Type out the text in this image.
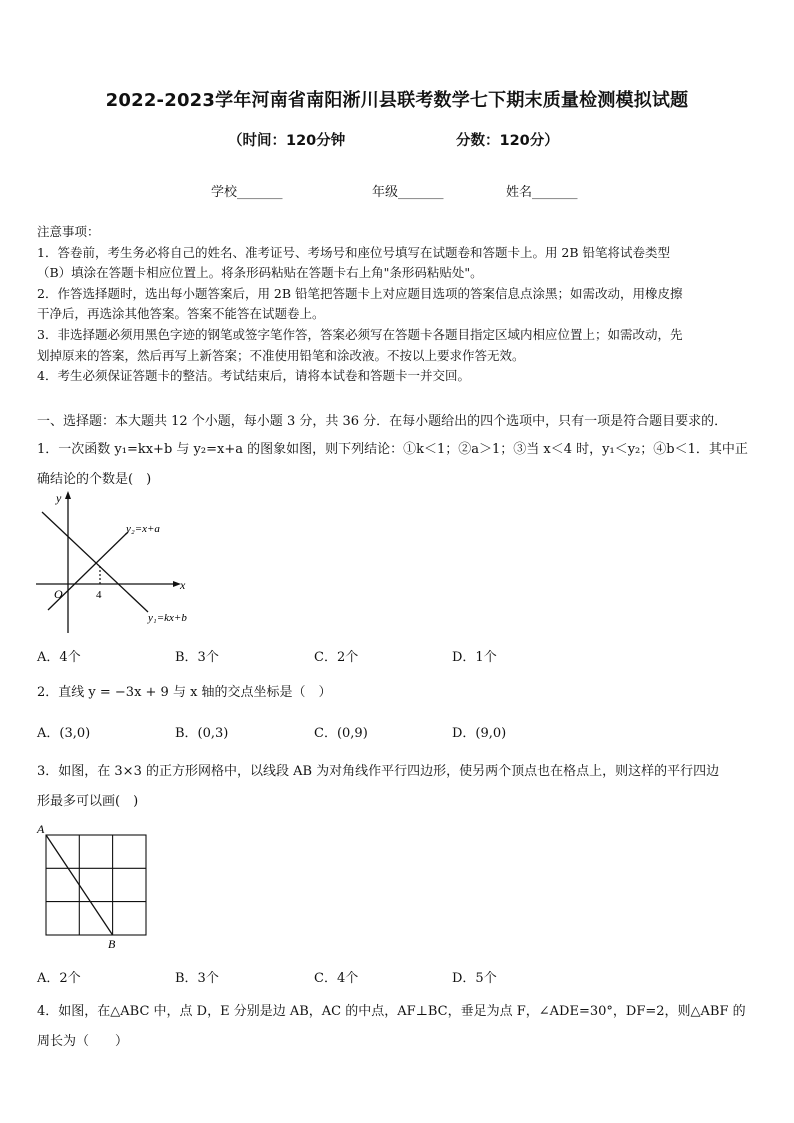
2022-2023学年河南省南阳淅川县联考数学七下期末质量检测模拟试题
（时间：120分钟	分数：120分）
学校_______	年级_______	姓名_______
注意事项：
1．答卷前，考生务必将自己的姓名、准考证号、考场号和座位号填写在试题卷和答题卡上。用 2B 铅笔将试卷类型
（B）填涂在答题卡相应位置上。将条形码粘贴在答题卡右上角"条形码粘贴处"。
2．作答选择题时，选出每小题答案后，用 2B 铅笔把答题卡上对应题目选项的答案信息点涂黑；如需改动，用橡皮擦
干净后，再选涂其他答案。答案不能答在试题卷上。
3．非选择题必须用黑色字迹的钢笔或签字笔作答，答案必须写在答题卡各题目指定区域内相应位置上；如需改动，先
划掉原来的答案，然后再写上新答案；不准使用铅笔和涂改液。不按以上要求作答无效。
4．考生必须保证答题卡的整洁。考试结束后，请将本试卷和答题卡一并交回。
一、选择题：本大题共 12 个小题，每小题 3 分，共 36 分．在每小题给出的四个选项中，只有一项是符合题目要求的．
1．一次函数 y₁=kx+b 与 y₂=x+a 的图象如图，则下列结论：①k＜1；②a＞1；③当 x＜4 时，y₁＜y₂；④b＜1．其中正
确结论的个数是(　)
y
x
O	4
y₂=x+a
y₁=kx+b
A．4个	B．3个	C．2个	D．1个
2．直线 y = −3x + 9 与 x 轴的交点坐标是（　）
A．(3,0)	B．(0,3)	C．(0,9)	D．(9,0)
3．如图，在 3×3 的正方形网格中，以线段 AB 为对角线作平行四边形，使另两个顶点也在格点上，则这样的平行四边
形最多可以画(　)
A
B
A．2个	B．3个	C．4个	D．5个
4．如图，在△ABC 中，点 D，E 分别是边 AB，AC 的中点，AF⊥BC，垂足为点 F，∠ADE=30°，DF=2，则△ABF 的
周长为（　　）
